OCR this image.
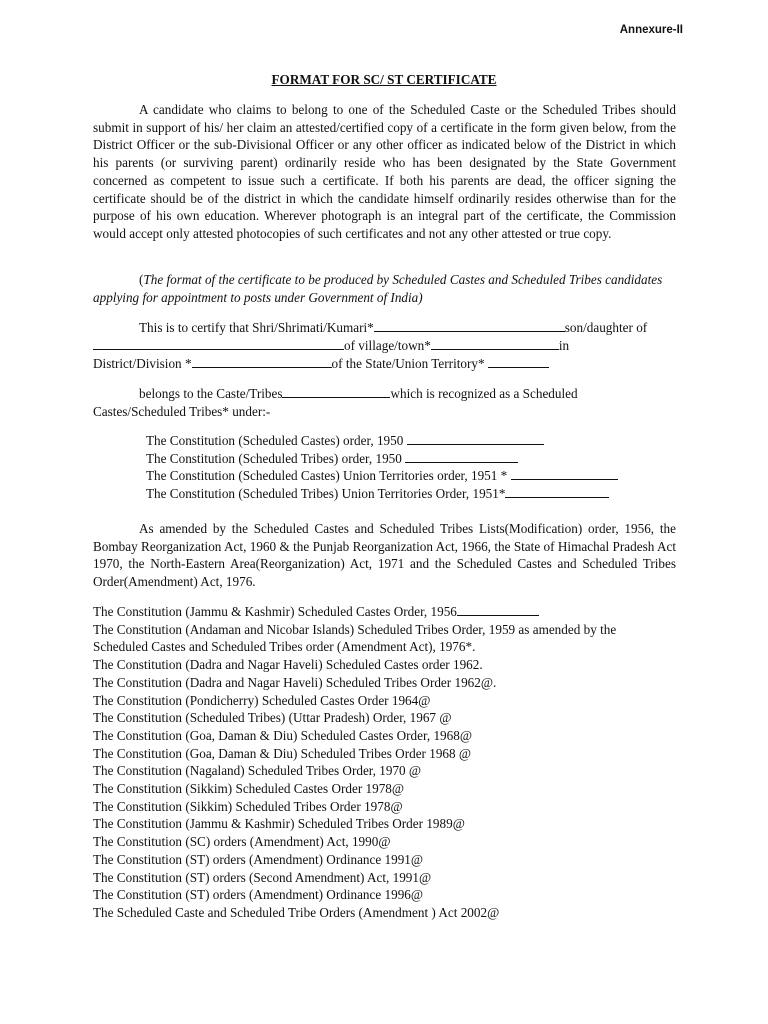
Annexure-II
FORMAT FOR SC/ ST CERTIFICATE

A candidate who claims to belong to one of the Scheduled Caste or the Scheduled Tribes should submit in support of his/ her claim an attested/certified copy of a certificate in the form given below, from the District Officer or the sub-Divisional Officer or any other officer as indicated below of the District in which his parents (or surviving parent) ordinarily reside who has been designated by the State Government concerned as competent to issue such a certificate. If both his parents are dead, the officer signing the certificate should be of the district in which the candidate himself ordinarily resides otherwise than for the purpose of his own education. Wherever photograph is an integral part of the certificate, the Commission would accept only attested photocopies of such certificates and not any other attested or true copy.

(The format of the certificate to be produced by Scheduled Castes and Scheduled Tribes candidates applying for appointment to posts under Government of India)

This is to certify that Shri/Shrimati/Kumari*	son/daughter of
of village/town*	in
District/Division *	of the State/Union Territory*
belongs to the Caste/Tribes	which is recognized as a Scheduled
Castes/Scheduled Tribes* under:-
The Constitution (Scheduled Castes) order, 1950
The Constitution (Scheduled Tribes) order, 1950
The Constitution (Scheduled Castes) Union Territories order, 1951 *
The Constitution (Scheduled Tribes) Union Territories Order, 1951*

As amended by the Scheduled Castes and Scheduled Tribes Lists(Modification) order, 1956, the Bombay Reorganization Act, 1960 & the Punjab Reorganization Act, 1966, the State of Himachal Pradesh Act 1970, the North-Eastern Area(Reorganization) Act, 1971 and the Scheduled Castes and Scheduled Tribes Order(Amendment) Act, 1976.

The Constitution (Jammu & Kashmir) Scheduled Castes Order, 1956
The Constitution (Andaman and Nicobar Islands) Scheduled Tribes Order, 1959 as amended by the
Scheduled Castes and Scheduled Tribes order (Amendment Act), 1976*.
The Constitution (Dadra and Nagar Haveli) Scheduled Castes order 1962.
The Constitution (Dadra and Nagar Haveli) Scheduled Tribes Order 1962@.
The Constitution (Pondicherry) Scheduled Castes Order 1964@
The Constitution (Scheduled Tribes) (Uttar Pradesh) Order, 1967 @
The Constitution (Goa, Daman & Diu) Scheduled Castes Order, 1968@
The Constitution (Goa, Daman & Diu) Scheduled Tribes Order 1968 @
The Constitution (Nagaland) Scheduled Tribes Order, 1970 @
The Constitution (Sikkim) Scheduled Castes Order 1978@
The Constitution (Sikkim) Scheduled Tribes Order 1978@
The Constitution (Jammu & Kashmir) Scheduled Tribes Order 1989@
The Constitution (SC) orders (Amendment) Act, 1990@
The Constitution (ST) orders (Amendment) Ordinance 1991@
The Constitution (ST) orders (Second Amendment) Act, 1991@
The Constitution (ST) orders (Amendment) Ordinance 1996@
The Scheduled Caste and Scheduled Tribe Orders (Amendment ) Act 2002@
